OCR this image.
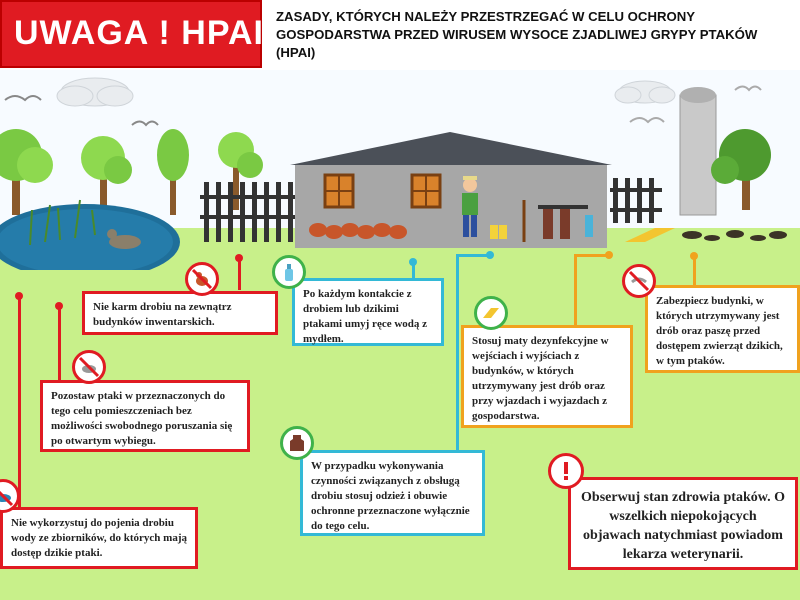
UWAGA ! HPAI ZASADY, KTÓRYCH NALEŻY PRZESTRZEGAĆ W CELU OCHRONY GOSPODARSTWA PRZED WIRUSEM WYSOCE ZJADLIWEJ GRYPY PTAKÓW (HPAI)
Nie karm drobiu na zewnątrz budynków inwentarskich.
Po każdym kontakcie z drobiem lub dzikimi ptakami umyj ręce wodą z mydłem.	Stosuj maty dezynfekcyjne w wejściach i wyjściach z budynków, w których utrzymywany jest drób oraz przy wjazdach i wyjazdach z gospodarstwa.
Zabezpiecz budynki, w których utrzymywany jest drób oraz paszę przed dostępem zwierząt dzikich, w tym ptaków.
Pozostaw ptaki w przeznaczonych do tego celu pomieszczeniach bez możliwości swobodnego poruszania się po otwartym wybiegu.
W przypadku wykonywania czynności związanych z obsługą drobiu stosuj odzież i obuwie ochronne przeznaczone wyłącznie do tego celu.
Nie wykorzystuj do pojenia drobiu wody ze zbiorników, do których mają dostęp dzikie ptaki.
Obserwuj stan zdrowia ptaków. O wszelkich niepokojących objawach natychmiast powiadom lekarza weterynarii.
